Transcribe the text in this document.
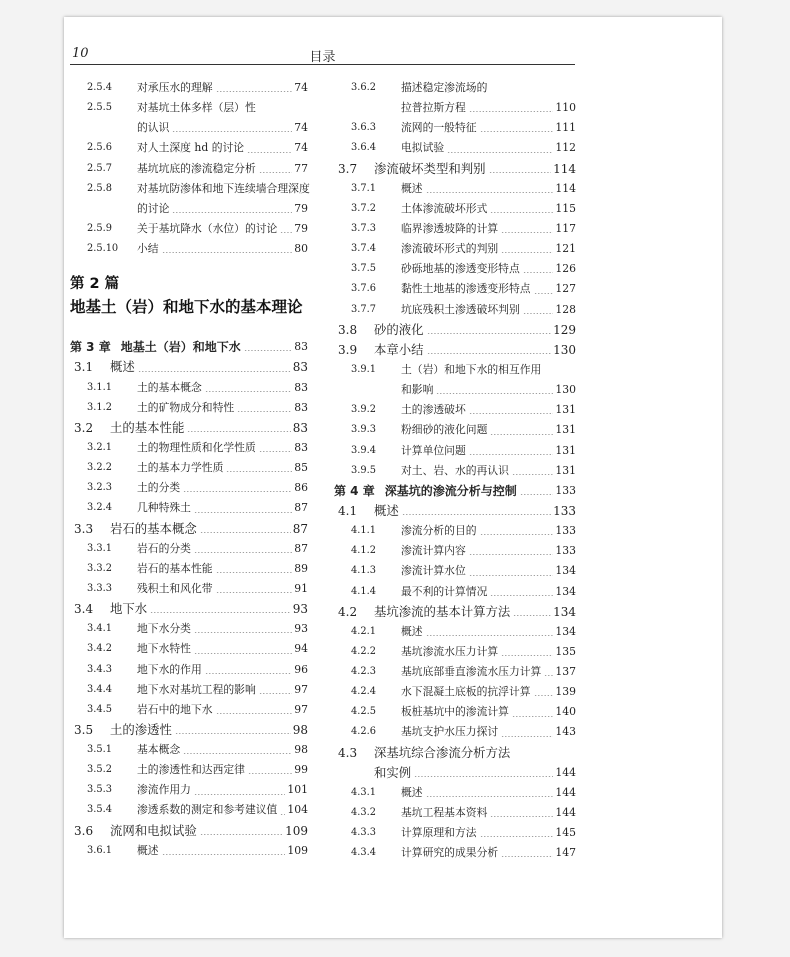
10	目录
2.5.4	对承压水的理解	74
2.5.5	对基坑土体多样（层）性
的认识	74
2.5.6	对人土深度 hd 的讨论	74
2.5.7	基坑坑底的渗流稳定分析	77
2.5.8	对基坑防渗体和地下连续墙合理深度
的讨论	79
2.5.9	关于基坑降水（水位）的讨论 79
2.5.10	小结	80
第 2 篇
地基土（岩）和地下水的基本理论
第 3 章 地基土（岩）和地下水	83
3.1	概述	83
3.1.1	土的基本概念	83
3.1.2	土的矿物成分和特性	83
3.2	土的基本性能	83
3.2.1	土的物理性质和化学性质	83
3.2.2	土的基本力学性质	85
3.2.3	土的分类	86
3.2.4	几种特殊土	87
3.3	岩石的基本概念	87
3.3.1	岩石的分类	87
3.3.2	岩石的基本性能	89
3.3.3	残积土和风化带	91
3.4	地下水	93
3.4.1	地下水分类	93
3.4.2	地下水特性	94
3.4.3	地下水的作用	96
3.4.4	地下水对基坑工程的影响	97
3.4.5	岩石中的地下水	97
3.5	土的渗透性	98
3.5.1	基本概念	98
3.5.2	土的渗透性和达西定律	99
3.5.3	渗流作用力	101
3.5.4	渗透系数的测定和参考建议值 104
3.6	流网和电拟试验	109
3.6.1	概述	109
3.6.2	描述稳定渗流场的
拉普拉斯方程	110
3.6.3	流网的一般特征	111
3.6.4	电拟试验	112
3.7	渗流破坏类型和判别	114
3.7.1	概述	114
3.7.2	土体渗流破坏形式	115
3.7.3	临界渗透坡降的计算	117
3.7.4	渗流破坏形式的判别	121
3.7.5	砂砾地基的渗透变形特点	126
3.7.6	黏性土地基的渗透变形特点 127
3.7.7	坑底残积土渗透破坏判别	128
3.8	砂的液化	129
3.9	本章小结	130
3.9.1	土（岩）和地下水的相互作用
和影响	130
3.9.2	土的渗透破坏	131
3.9.3	粉细砂的液化问题	131
3.9.4	计算单位问题	131
3.9.5	对土、岩、水的再认识	131
第 4 章 深基坑的渗流分析与控制	133
4.1	概述	133
4.1.1	渗流分析的目的	133
4.1.2	渗流计算内容	133
4.1.3	渗流计算水位	134
4.1.4	最不利的计算情况	134
4.2	基坑渗流的基本计算方法	134
4.2.1	概述	134
4.2.2	基坑渗流水压力计算	135
4.2.3	基坑底部垂直渗流水压力计算 137
4.2.4	水下混凝土底板的抗浮计算 139
4.2.5	板桩基坑中的渗流计算	140
4.2.6	基坑支护水压力探讨	143
4.3	深基坑综合渗流分析方法
和实例	144
4.3.1	概述	144
4.3.2	基坑工程基本资料	144
4.3.3	计算原理和方法	145
4.3.4	计算研究的成果分析	147
